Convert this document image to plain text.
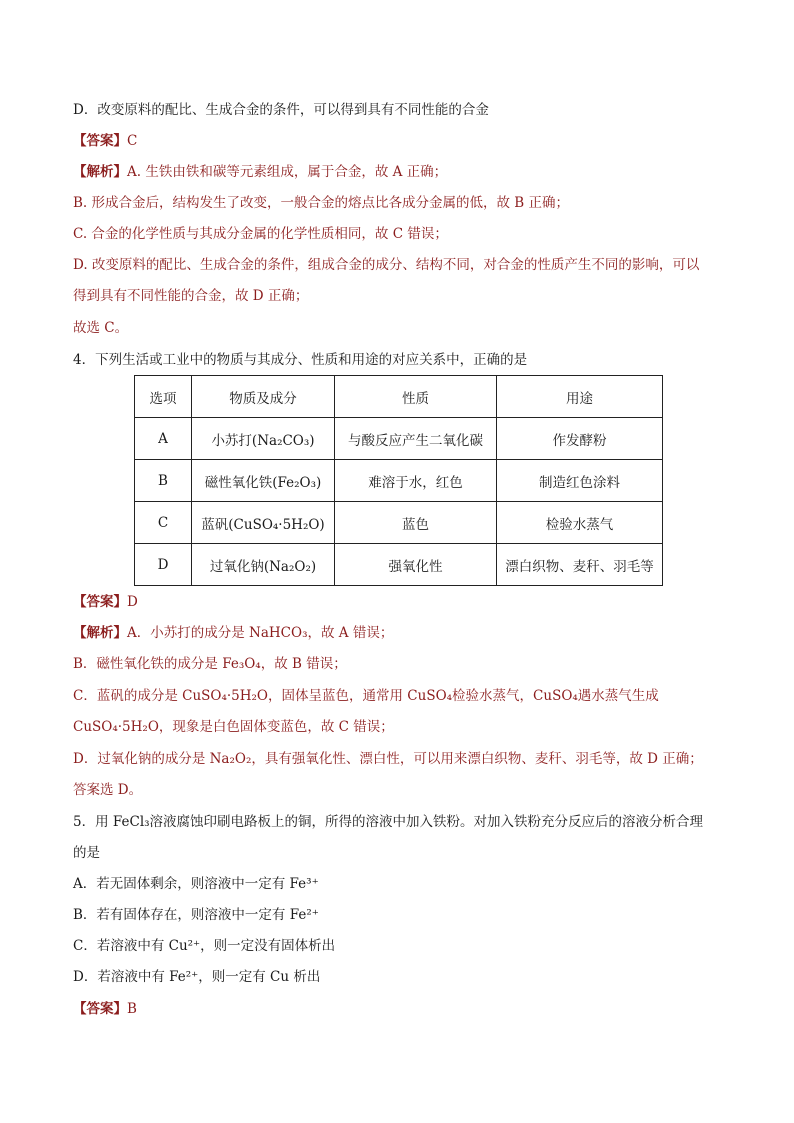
D．改变原料的配比、生成合金的条件，可以得到具有不同性能的合金
【答案】C
【解析】A. 生铁由铁和碳等元素组成，属于合金，故 A 正确；
B. 形成合金后，结构发生了改变，一般合金的熔点比各成分金属的低，故 B 正确；
C. 合金的化学性质与其成分金属的化学性质相同，故 C 错误；
D. 改变原料的配比、生成合金的条件，组成合金的成分、结构不同，对合金的性质产生不同的影响，可以
得到具有不同性能的合金，故 D 正确；
故选 C。
4．下列生活或工业中的物质与其成分、性质和用途的对应关系中，正确的是
选项	物质及成分	性质	用途
A	小苏打(Na₂CO₃)	与酸反应产生二氧化碳	作发酵粉
B	磁性氧化铁(Fe₂O₃)	难溶于水，红色	制造红色涂料
C	蓝矾(CuSO₄·5H₂O)	蓝色	检验水蒸气
D	过氧化钠(Na₂O₂)	强氧化性	漂白织物、麦秆、羽毛等
【答案】D
【解析】A．小苏打的成分是 NaHCO₃，故 A 错误；
B．磁性氧化铁的成分是 Fe₃O₄，故 B 错误；
C．蓝矾的成分是 CuSO₄·5H₂O，固体呈蓝色，通常用 CuSO₄检验水蒸气，CuSO₄遇水蒸气生成
CuSO₄·5H₂O，现象是白色固体变蓝色，故 C 错误；
D．过氧化钠的成分是 Na₂O₂，具有强氧化性、漂白性，可以用来漂白织物、麦秆、羽毛等，故 D 正确；
答案选 D。
5．用 FeCl₃溶液腐蚀印刷电路板上的铜，所得的溶液中加入铁粉。对加入铁粉充分反应后的溶液分析合理
的是
A．若无固体剩余，则溶液中一定有 Fe³⁺
B．若有固体存在，则溶液中一定有 Fe²⁺
C．若溶液中有 Cu²⁺，则一定没有固体析出
D．若溶液中有 Fe²⁺，则一定有 Cu 析出
【答案】B
